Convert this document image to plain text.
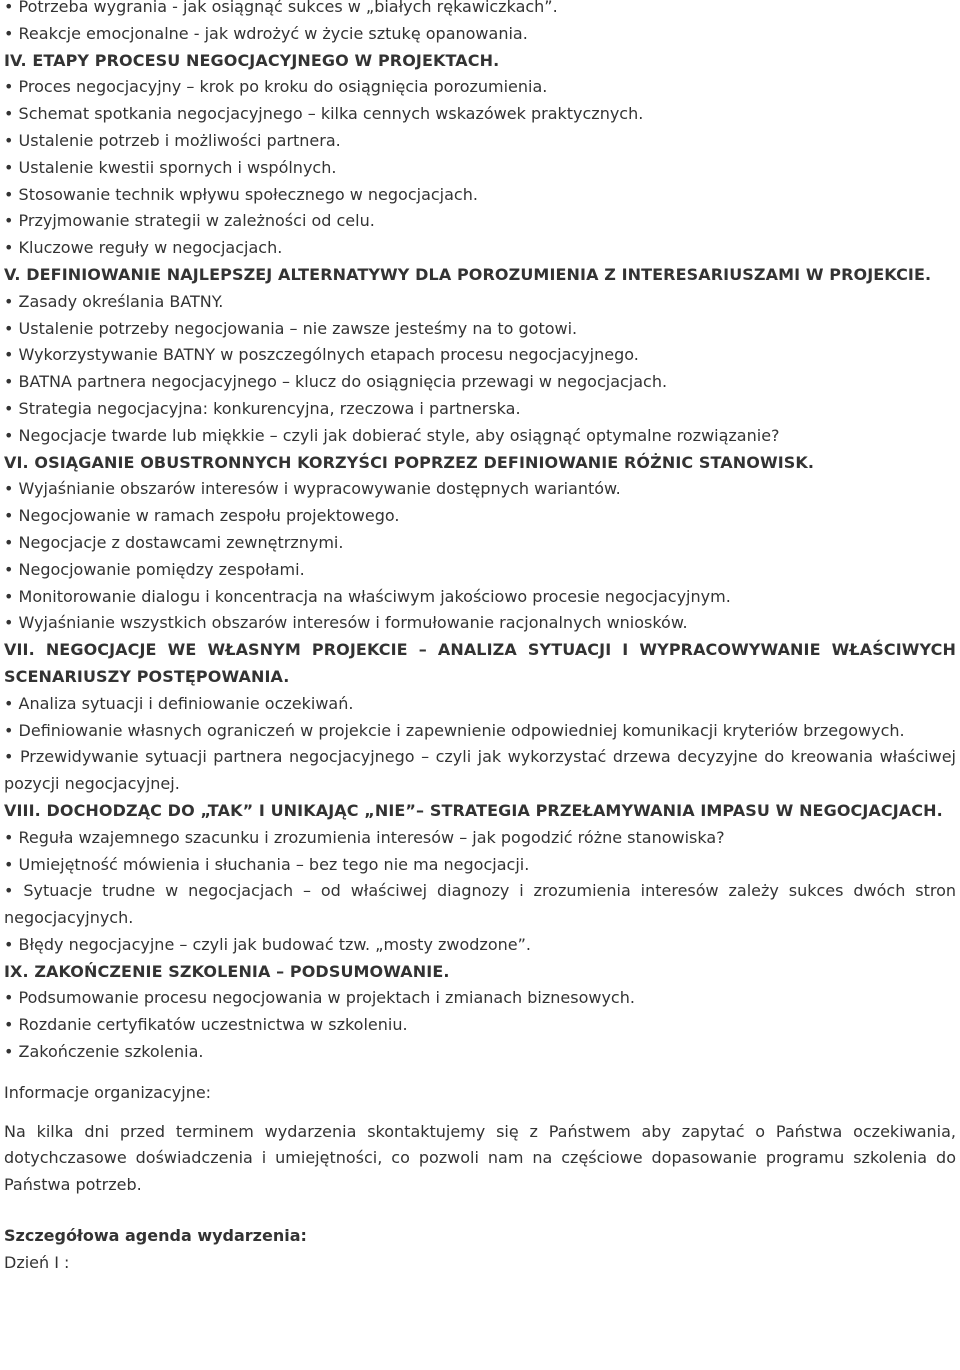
• Potrzeba wygrania - jak osiągnąć sukces w „białych rękawiczkach”.
• Reakcje emocjonalne - jak wdrożyć w życie sztukę opanowania.
IV. ETAPY PROCESU NEGOCJACYJNEGO W PROJEKTACH.
• Proces negocjacyjny – krok po kroku do osiągnięcia porozumienia.
• Schemat spotkania negocjacyjnego – kilka cennych wskazówek praktycznych.
• Ustalenie potrzeb i możliwości partnera.
• Ustalenie kwestii spornych i wspólnych.
• Stosowanie technik wpływu społecznego w negocjacjach.
• Przyjmowanie strategii w zależności od celu.
• Kluczowe reguły w negocjacjach.
V. DEFINIOWANIE NAJLEPSZEJ ALTERNATYWY DLA POROZUMIENIA Z INTERESARIUSZAMI W PROJEKCIE.
• Zasady określania BATNY.
• Ustalenie potrzeby negocjowania – nie zawsze jesteśmy na to gotowi.
• Wykorzystywanie BATNY w poszczególnych etapach procesu negocjacyjnego.
• BATNA partnera negocjacyjnego – klucz do osiągnięcia przewagi w negocjacjach.
• Strategia negocjacyjna: konkurencyjna, rzeczowa i partnerska.
• Negocjacje twarde lub miękkie – czyli jak dobierać style, aby osiągnąć optymalne rozwiązanie?
VI. OSIĄGANIE OBUSTRONNYCH KORZYŚCI POPRZEZ DEFINIOWANIE RÓŻNIC STANOWISK.
• Wyjaśnianie obszarów interesów i wypracowywanie dostępnych wariantów.
• Negocjowanie w ramach zespołu projektowego.
• Negocjacje z dostawcami zewnętrznymi.
• Negocjowanie pomiędzy zespołami.
• Monitorowanie dialogu i koncentracja na właściwym jakościowo procesie negocjacyjnym.
• Wyjaśnianie wszystkich obszarów interesów i formułowanie racjonalnych wniosków.
VII. NEGOCJACJE WE WŁASNYM PROJEKCIE – ANALIZA SYTUACJI I WYPRACOWYWANIE WŁAŚCIWYCH SCENARIUSZY POSTĘPOWANIA.
• Analiza sytuacji i definiowanie oczekiwań.
• Definiowanie własnych ograniczeń w projekcie i zapewnienie odpowiedniej komunikacji kryteriów brzegowych.
• Przewidywanie sytuacji partnera negocjacyjnego – czyli jak wykorzystać drzewa decyzyjne do kreowania właściwej pozycji negocjacyjnej.
VIII. DOCHODZĄC DO „TAK” I UNIKAJĄC „NIE”– STRATEGIA PRZEŁAMYWANIA IMPASU W NEGOCJACJACH.
• Reguła wzajemnego szacunku i zrozumienia interesów – jak pogodzić różne stanowiska?
• Umiejętność mówienia i słuchania – bez tego nie ma negocjacji.
• Sytuacje trudne w negocjacjach – od właściwej diagnozy i zrozumienia interesów zależy sukces dwóch stron negocjacyjnych.
• Błędy negocjacyjne – czyli jak budować tzw. „mosty zwodzone”.
IX. ZAKOŃCZENIE SZKOLENIA – PODSUMOWANIE.
• Podsumowanie procesu negocjowania w projektach i zmianach biznesowych.
• Rozdanie certyfikatów uczestnictwa w szkoleniu.
• Zakończenie szkolenia.
Informacje organizacyjne:
Na kilka dni przed terminem wydarzenia skontaktujemy się z Państwem aby zapytać o Państwa oczekiwania, dotychczasowe doświadczenia i umiejętności, co pozwoli nam na częściowe dopasowanie programu szkolenia do Państwa potrzeb.
Szczegółowa agenda wydarzenia:
Dzień I :
